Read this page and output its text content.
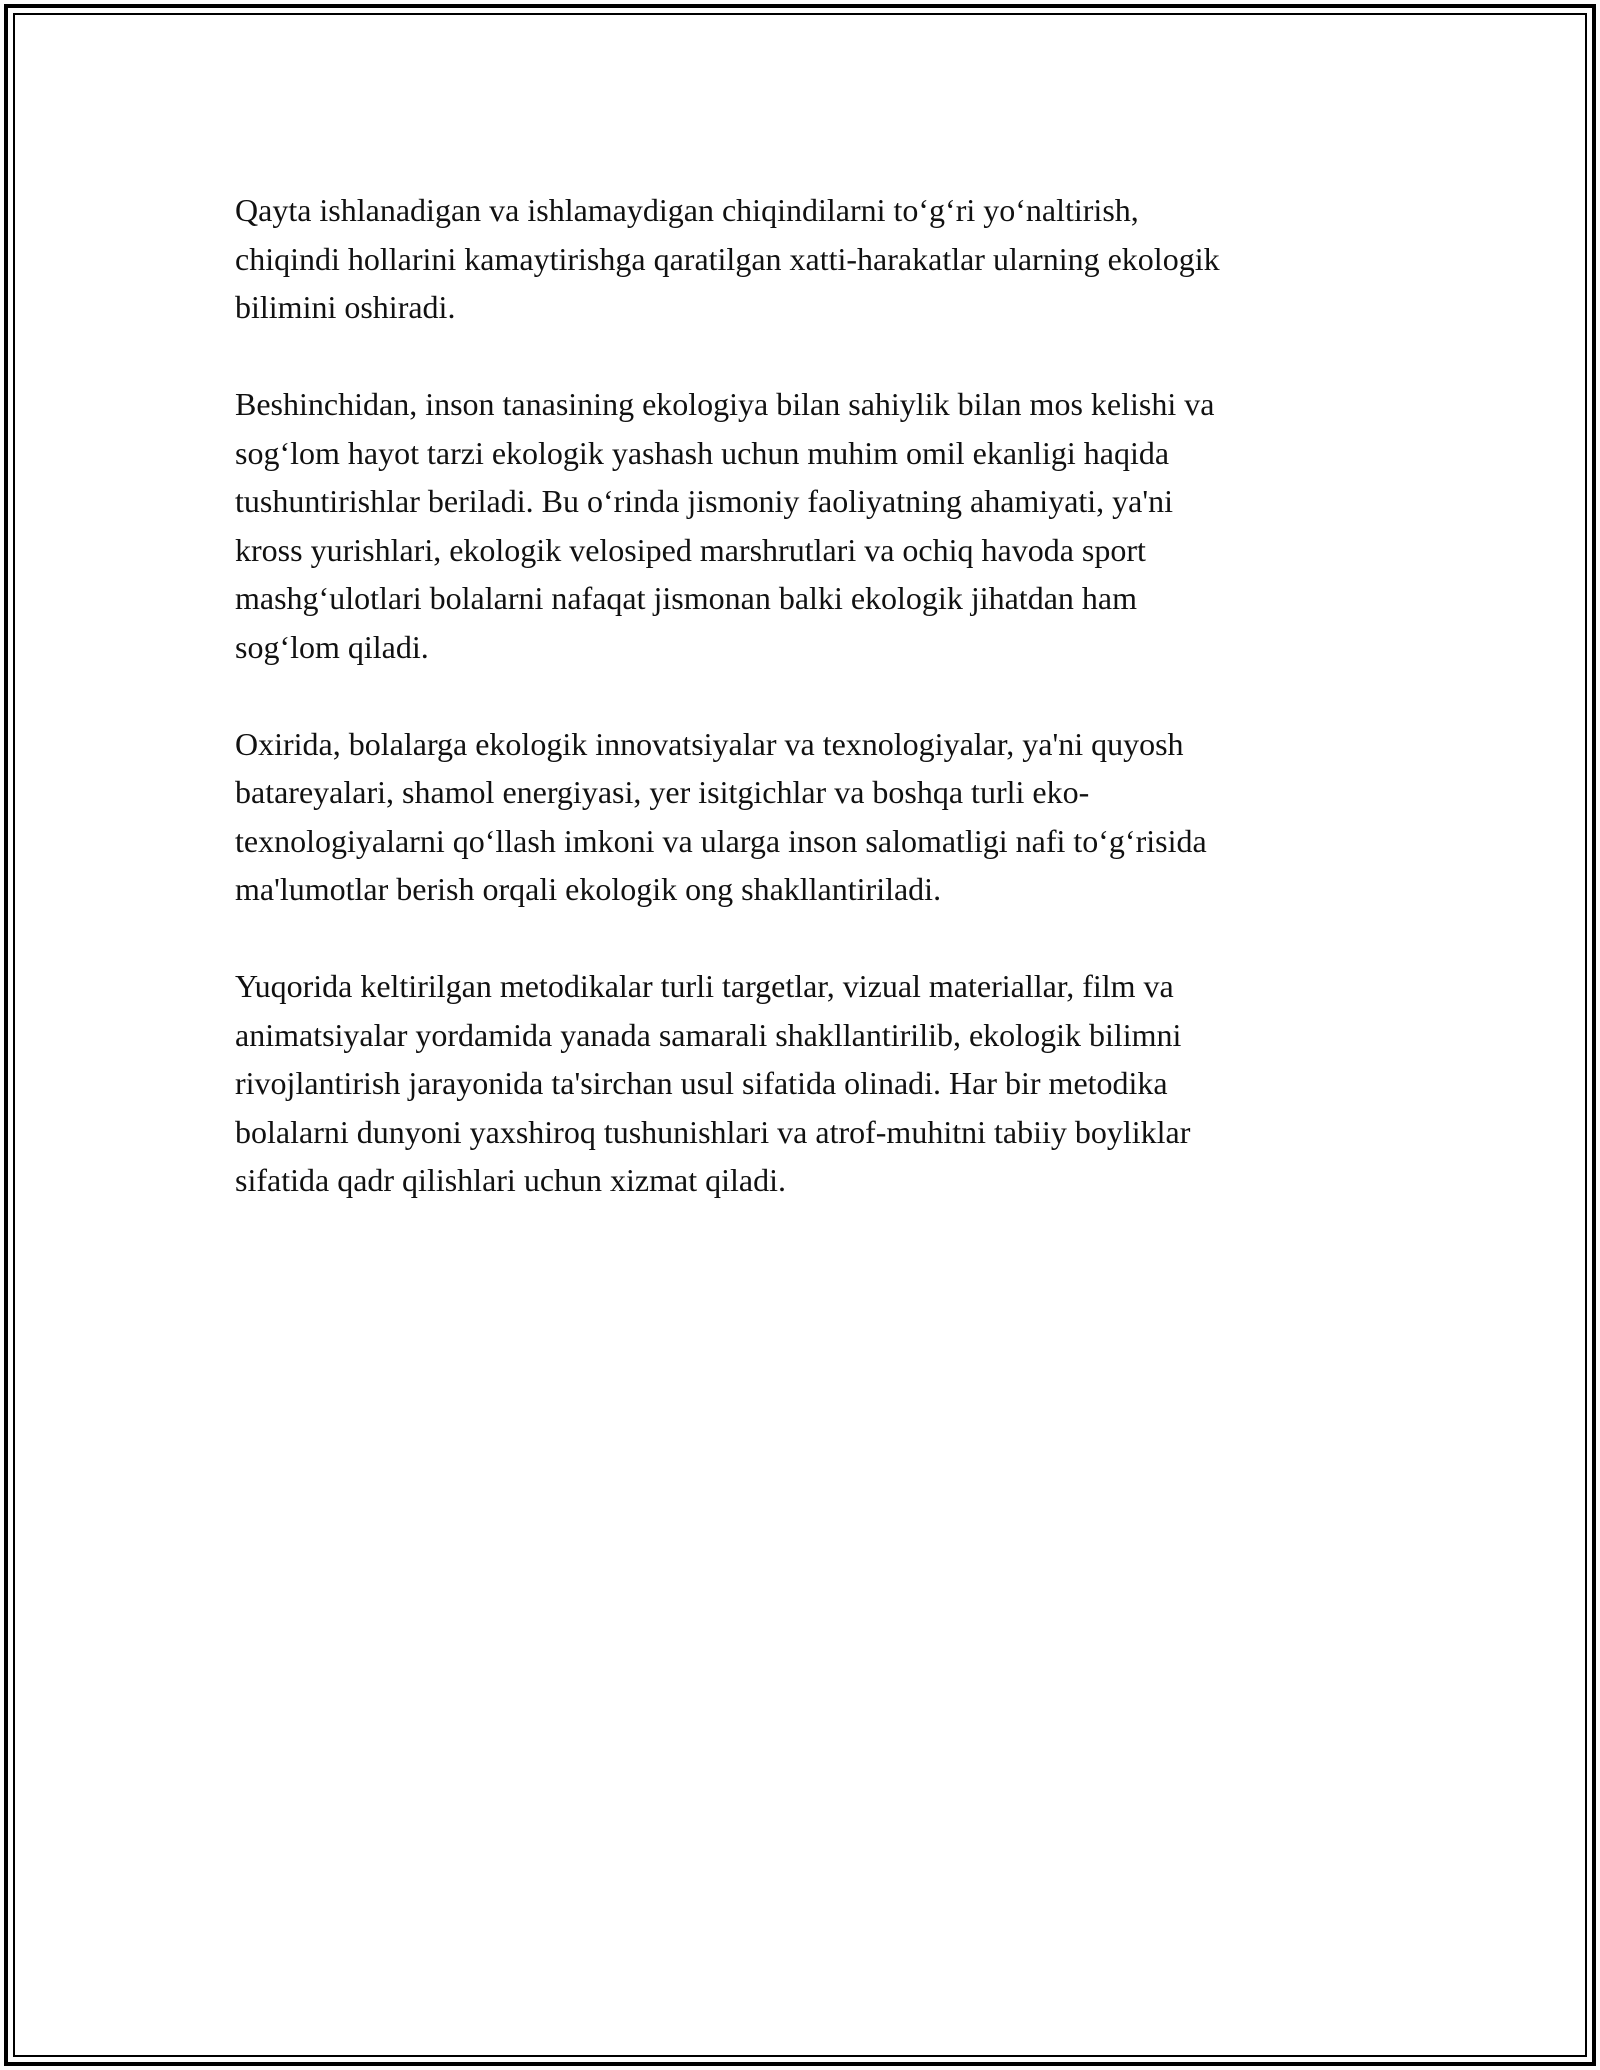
Qayta ishlanadigan va ishlamaydigan chiqindilarni to‘g‘ri yo‘naltirish,
chiqindi hollarini kamaytirishga qaratilgan xatti-harakatlar ularning ekologik
bilimini oshiradi.

Beshinchidan, inson tanasining ekologiya bilan sahiylik bilan mos kelishi va
sog‘lom hayot tarzi ekologik yashash uchun muhim omil ekanligi haqida
tushuntirishlar beriladi. Bu o‘rinda jismoniy faoliyatning ahamiyati, ya'ni
kross yurishlari, ekologik velosiped marshrutlari va ochiq havoda sport
mashg‘ulotlari bolalarni nafaqat jismonan balki ekologik jihatdan ham
sog‘lom qiladi.

Oxirida, bolalarga ekologik innovatsiyalar va texnologiyalar, ya'ni quyosh
batareyalari, shamol energiyasi, yer isitgichlar va boshqa turli eko-
texnologiyalarni qo‘llash imkoni va ularga inson salomatligi nafi to‘g‘risida
ma'lumotlar berish orqali ekologik ong shakllantiriladi.

Yuqorida keltirilgan metodikalar turli targetlar, vizual materiallar, film va
animatsiyalar yordamida yanada samarali shakllantirilib, ekologik bilimni
rivojlantirish jarayonida ta'sirchan usul sifatida olinadi. Har bir metodika
bolalarni dunyoni yaxshiroq tushunishlari va atrof-muhitni tabiiy boyliklar
sifatida qadr qilishlari uchun xizmat qiladi.
